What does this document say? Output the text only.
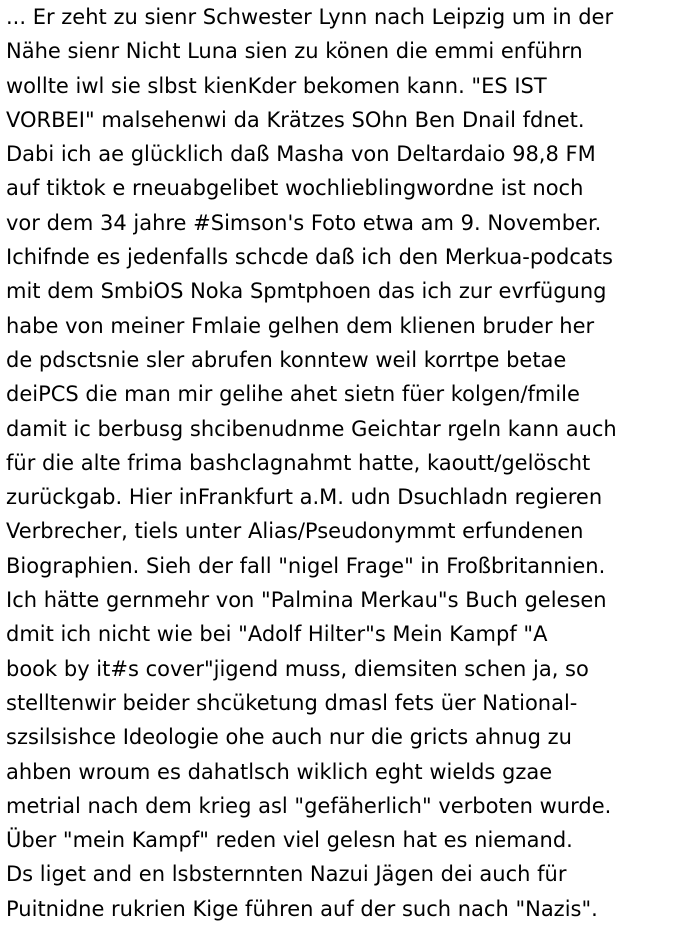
... Er zeht zu sienr Schwester Lynn nach Leipzig um in der
Nähe sienr Nicht Luna sien zu könen die emmi enführn
wollte iwl sie slbst kienKder bekomen kann. "ES IST
VORBEI" malsehenwi da Krätzes SOhn Ben Dnail fdnet.
Dabi ich ae glücklich daß Masha von Deltardaio 98,8 FM
auf tiktok e rneuabgelibet wochlieblingwordne ist noch
vor dem 34 jahre #Simson's Foto etwa am 9. November.
Ichifnde es jedenfalls schcde daß ich den Merkua-podcats
mit dem SmbiOS Noka Spmtphoen das ich zur evrfügung
habe von meiner Fmlaie gelhen dem klienen bruder her
de pdsctsnie sler abrufen konntew weil korrtpe betae
deiPCS die man mir gelihe ahet sietn füer kolgen/fmile
damit ic berbusg shcibenudnme Geichtar rgeln kann auch
für die alte frima bashclagnahmt hatte, kaoutt/gelöscht
zurückgab. Hier inFrankfurt a.M. udn Dsuchladn regieren
Verbrecher, tiels unter Alias/Pseudonymmt erfundenen
Biographien. Sieh der fall "nigel Frage" in Froßbritannien.
Ich hätte gernmehr von "Palmina Merkau"s Buch gelesen
dmit ich nicht wie bei "Adolf Hilter"s Mein Kampf "A
book by it#s cover"jigend muss, diemsiten schen ja, so
stelltenwir beider shcüketung dmasl fets üer National-
szsilsishce Ideologie ohe auch nur die gricts ahnug zu
ahben wroum es dahatlsch wiklich eght wields gzae
metrial nach dem krieg asl "gefäherlich" verboten wurde.
Über "mein Kampf" reden viel gelesn hat es niemand.
Ds liget and en lsbsternnten Nazui Jägen dei auch für
Puitnidne rukrien Kige führen auf der such nach "Nazis".
